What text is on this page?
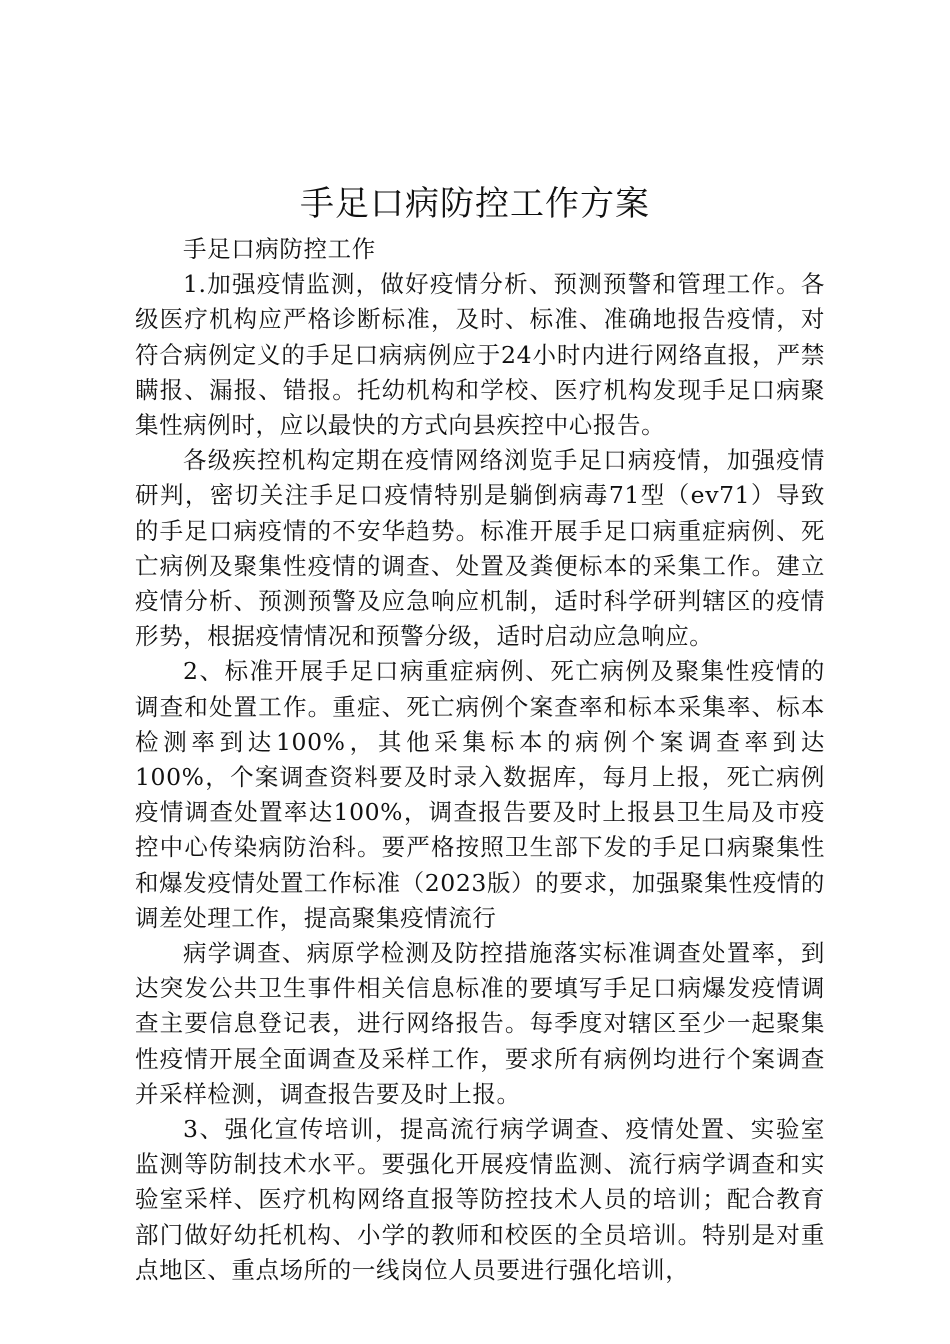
手足口病防控工作方案

手足口病防控工作

1.加强疫情监测，做好疫情分析、预测预警和管理工作。各级医疗机构应严格诊断标准，及时、标准、准确地报告疫情，对符合病例定义的手足口病病例应于24小时内进行网络直报，严禁瞒报、漏报、错报。托幼机构和学校、医疗机构发现手足口病聚集性病例时，应以最快的方式向县疾控中心报告。

各级疾控机构定期在疫情网络浏览手足口病疫情，加强疫情研判，密切关注手足口疫情特别是躺倒病毒71型（ev71）导致的手足口病疫情的不安华趋势。标准开展手足口病重症病例、死亡病例及聚集性疫情的调查、处置及粪便标本的采集工作。建立疫情分析、预测预警及应急响应机制，适时科学研判辖区的疫情形势，根据疫情情况和预警分级，适时启动应急响应。

2、标准开展手足口病重症病例、死亡病例及聚集性疫情的调查和处置工作。重症、死亡病例个案查率和标本采集率、标本检测率到达100%，其他采集标本的病例个案调查率到达100%，个案调查资料要及时录入数据库，每月上报，死亡病例疫情调查处置率达100%，调查报告要及时上报县卫生局及市疫控中心传染病防治科。要严格按照卫生部下发的手足口病聚集性和爆发疫情处置工作标准（2023版）的要求，加强聚集性疫情的调差处理工作，提高聚集疫情流行

病学调查、病原学检测及防控措施落实标准调查处置率，到达突发公共卫生事件相关信息标准的要填写手足口病爆发疫情调查主要信息登记表，进行网络报告。每季度对辖区至少一起聚集性疫情开展全面调查及采样工作，要求所有病例均进行个案调查并采样检测，调查报告要及时上报。

3、强化宣传培训，提高流行病学调查、疫情处置、实验室监测等防制技术水平。要强化开展疫情监测、流行病学调查和实验室采样、医疗机构网络直报等防控技术人员的培训；配合教育部门做好幼托机构、小学的教师和校医的全员培训。特别是对重点地区、重点场所的一线岗位人员要进行强化培训，
